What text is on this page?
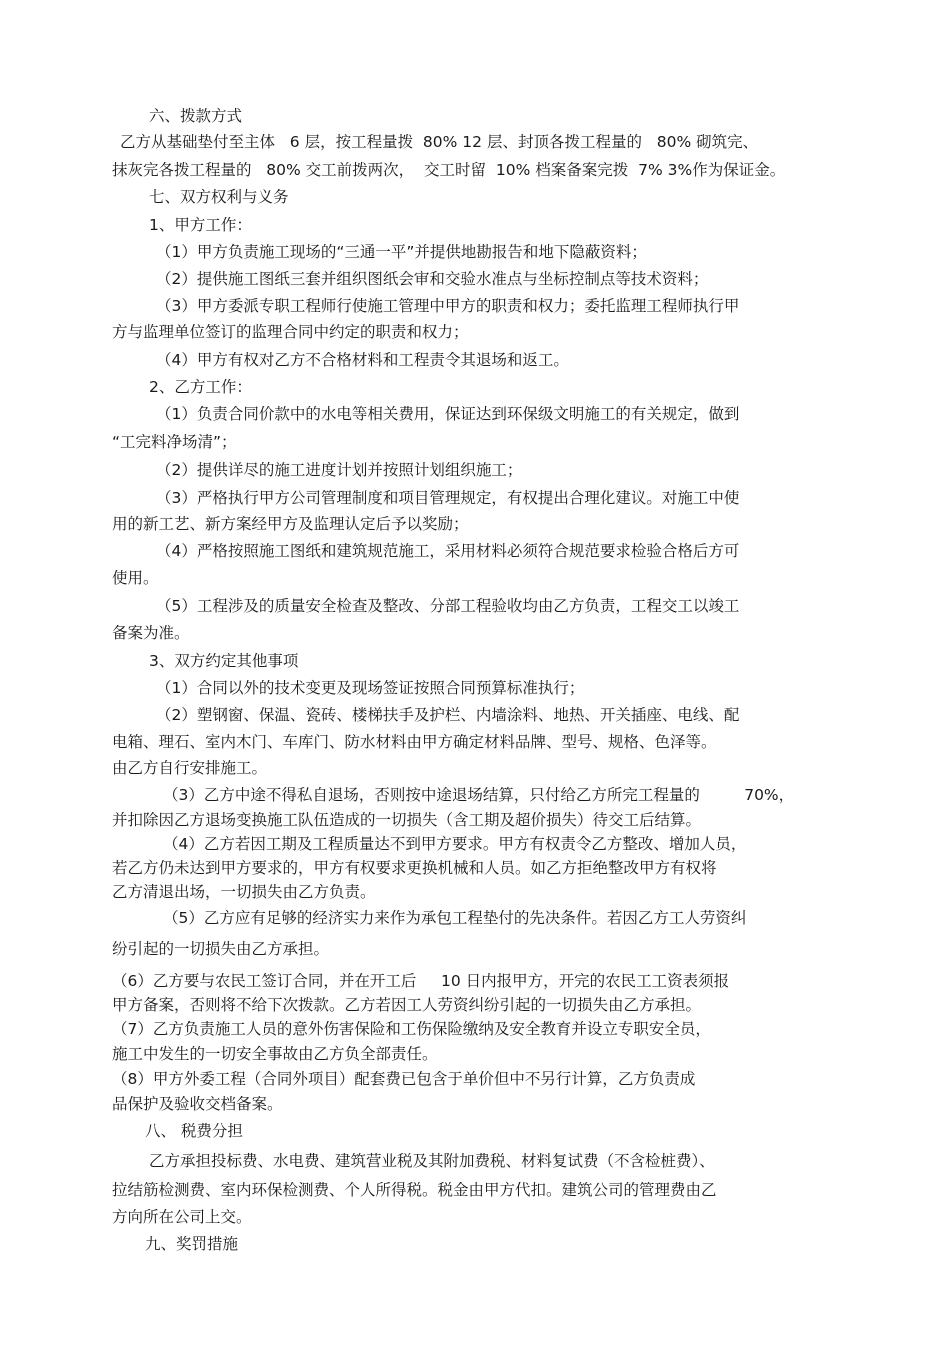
六、拨款方式
乙方从基础垫付至主体   6 层，按工程量拨  80% 12 层、封顶各拨工程量的   80% 砌筑完、
抹灰完各拨工程量的   80% 交工前拨两次，  交工时留  10% 档案备案完拨  7% 3%作为保证金。
七、双方权利与义务
1、甲方工作：
（1）甲方负责施工现场的“三通一平”并提供地勘报告和地下隐蔽资料；
（2）提供施工图纸三套并组织图纸会审和交验水准点与坐标控制点等技术资料；
（3）甲方委派专职工程师行使施工管理中甲方的职责和权力；委托监理工程师执行甲
方与监理单位签订的监理合同中约定的职责和权力；
（4）甲方有权对乙方不合格材料和工程责令其退场和返工。
2、乙方工作：
（1）负责合同价款中的水电等相关费用，保证达到环保级文明施工的有关规定，做到
“工完料净场清”；
（2）提供详尽的施工进度计划并按照计划组织施工；
（3）严格执行甲方公司管理制度和项目管理规定，有权提出合理化建议。对施工中使
用的新工艺、新方案经甲方及监理认定后予以奖励；
（4）严格按照施工图纸和建筑规范施工，采用材料必须符合规范要求检验合格后方可
使用。
（5）工程涉及的质量安全检查及整改、分部工程验收均由乙方负责，工程交工以竣工
备案为准。
3、双方约定其他事项
（1）合同以外的技术变更及现场签证按照合同预算标准执行；
（2）塑钢窗、保温、瓷砖、楼梯扶手及护栏、内墙涂料、地热、开关插座、电线、配
电箱、理石、室内木门、车库门、防水材料由甲方确定材料品牌、型号、规格、色泽等。
由乙方自行安排施工。
（3）乙方中途不得私自退场，否则按中途退场结算，只付给乙方所完工程量的         70%，
并扣除因乙方退场变换施工队伍造成的一切损失（含工期及超价损失）待交工后结算。
（4）乙方若因工期及工程质量达不到甲方要求。甲方有权责令乙方整改、增加人员，
若乙方仍未达到甲方要求的，甲方有权要求更换机械和人员。如乙方拒绝整改甲方有权将
乙方清退出场，一切损失由乙方负责。
（5）乙方应有足够的经济实力来作为承包工程垫付的先决条件。若因乙方工人劳资纠
纷引起的一切损失由乙方承担。
（6）乙方要与农民工签订合同，并在开工后     10 日内报甲方，开完的农民工工资表须报
甲方备案，否则将不给下次拨款。乙方若因工人劳资纠纷引起的一切损失由乙方承担。
（7）乙方负责施工人员的意外伤害保险和工伤保险缴纳及安全教育并设立专职安全员，
施工中发生的一切安全事故由乙方负全部责任。
（8）甲方外委工程（合同外项目）配套费已包含于单价但中不另行计算，乙方负责成
品保护及验收交档备案。
八、 税费分担
乙方承担投标费、水电费、建筑营业税及其附加费税、材料复试费（不含检桩费）、
拉结筋检测费、室内环保检测费、个人所得税。税金由甲方代扣。建筑公司的管理费由乙
方向所在公司上交。
九、奖罚措施
